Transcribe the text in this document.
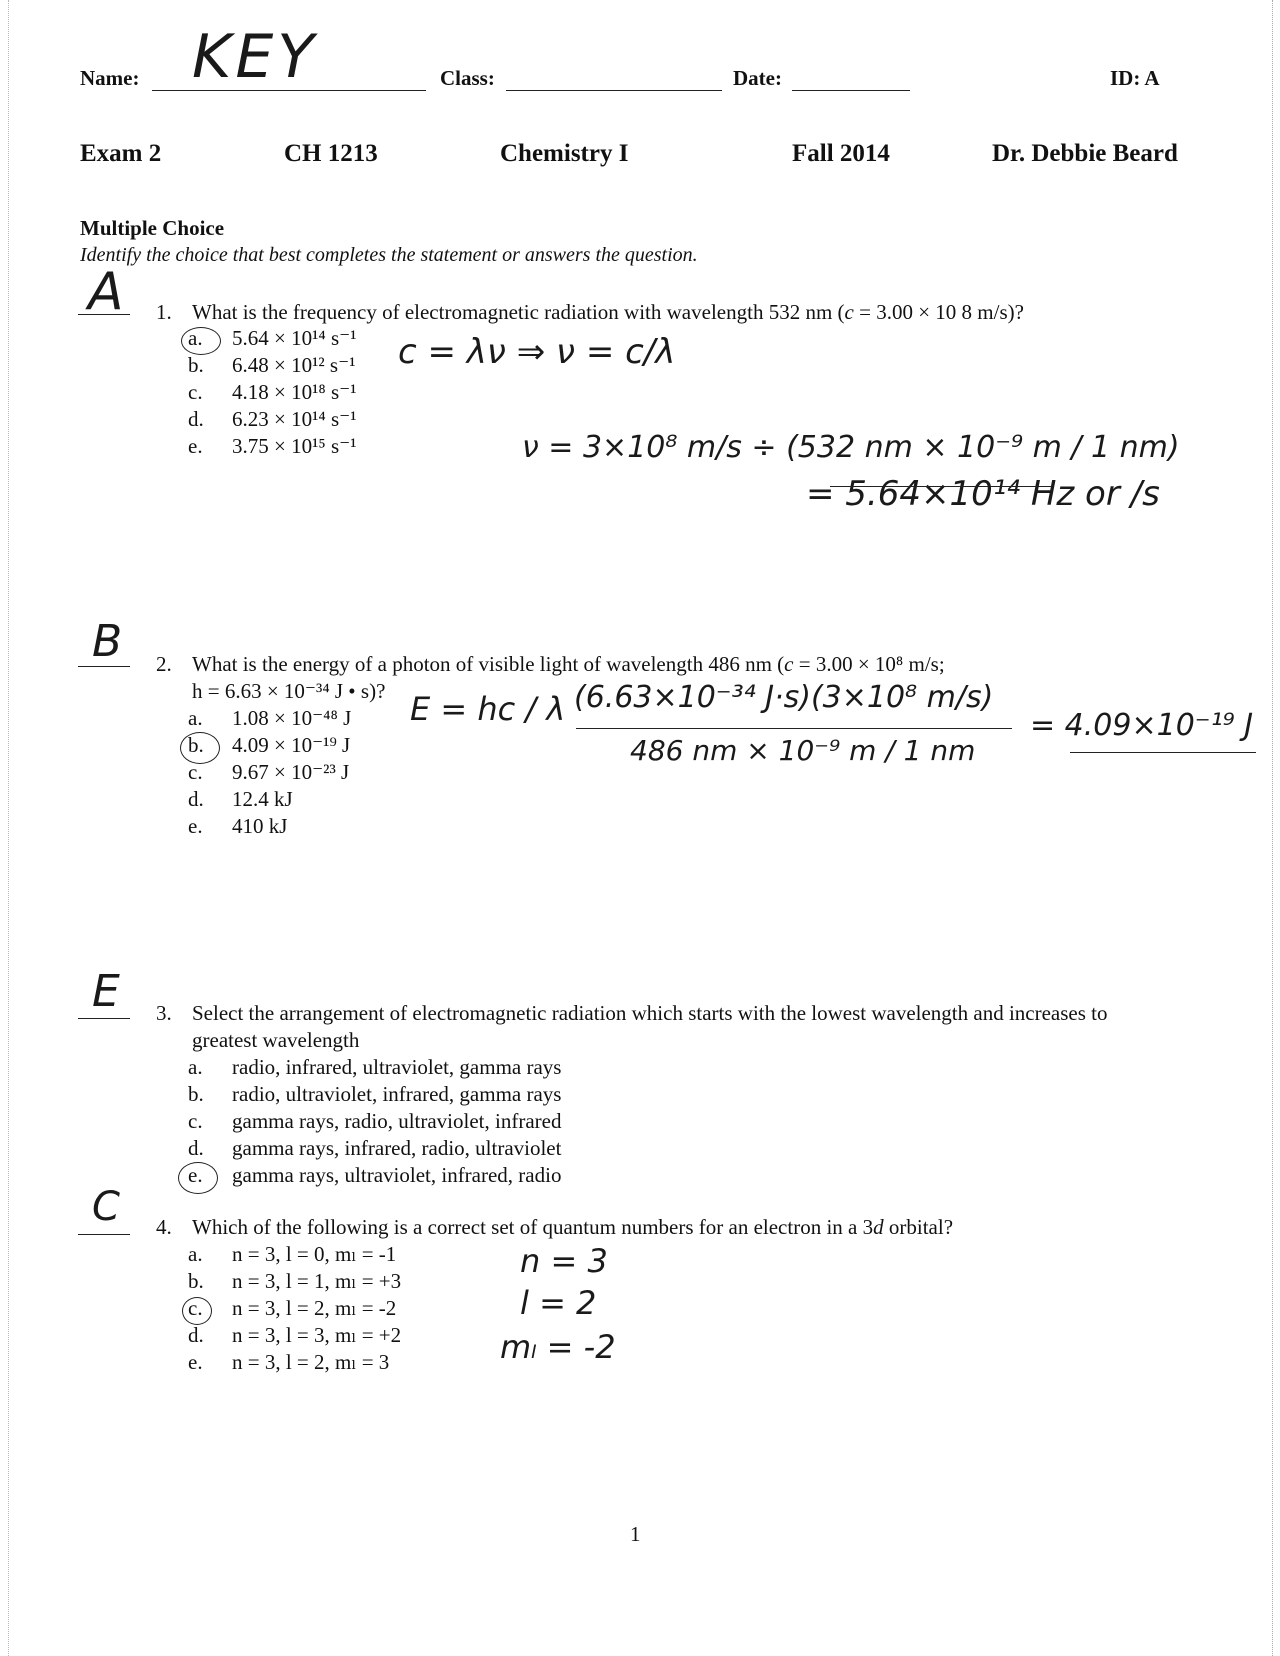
Name: KEY	Class:	Date:	ID: A
Exam 2	CH 1213	Chemistry I	Fall 2014	Dr. Debbie Beard
Multiple Choice
Identify the choice that best completes the statement or answers the question.
A 1. What is the frequency of electromagnetic radiation with wavelength 532 nm (c = 3.00 × 10 8 m/s)?
a. 5.64 × 10¹⁴ s⁻¹
b. 6.48 × 10¹² s⁻¹
c. 4.18 × 10¹⁸ s⁻¹
d. 6.23 × 10¹⁴ s⁻¹
e. 3.75 × 10¹⁵ s⁻¹
c = λν ⇒ ν = c/λ
ν = 3×10⁸ m/s ÷ (532 nm × 10⁻⁹ m / 1 nm)
= 5.64×10¹⁴ Hz or /s
B 2. What is the energy of a photon of visible light of wavelength 486 nm (c = 3.00 × 10⁸ m/s;
h = 6.63 × 10⁻³⁴ J • s)?
a. 1.08 × 10⁻⁴⁸ J
b. 4.09 × 10⁻¹⁹ J
c. 9.67 × 10⁻²³ J
d. 12.4 kJ
e. 410 kJ
E = hc / λ (6.63×10⁻³⁴ J·s)(3×10⁸ m/s)
486 nm × 10⁻⁹ m / 1 nm
= 4.09×10⁻¹⁹ J
E 3. Select the arrangement of electromagnetic radiation which starts with the lowest wavelength and increases to
greatest wavelength
a. radio, infrared, ultraviolet, gamma rays
b. radio, ultraviolet, infrared, gamma rays
c. gamma rays, radio, ultraviolet, infrared
d. gamma rays, infrared, radio, ultraviolet
e. gamma rays, ultraviolet, infrared, radio
C 4. Which of the following is a correct set of quantum numbers for an electron in a 3d orbital?
a. n = 3, l = 0, mₗ = -1
b. n = 3, l = 1, mₗ = +3
c. n = 3, l = 2, mₗ = -2
d. n = 3, l = 3, mₗ = +2
e. n = 3, l = 2, mₗ = 3
n = 3
l = 2
mₗ = -2
1
